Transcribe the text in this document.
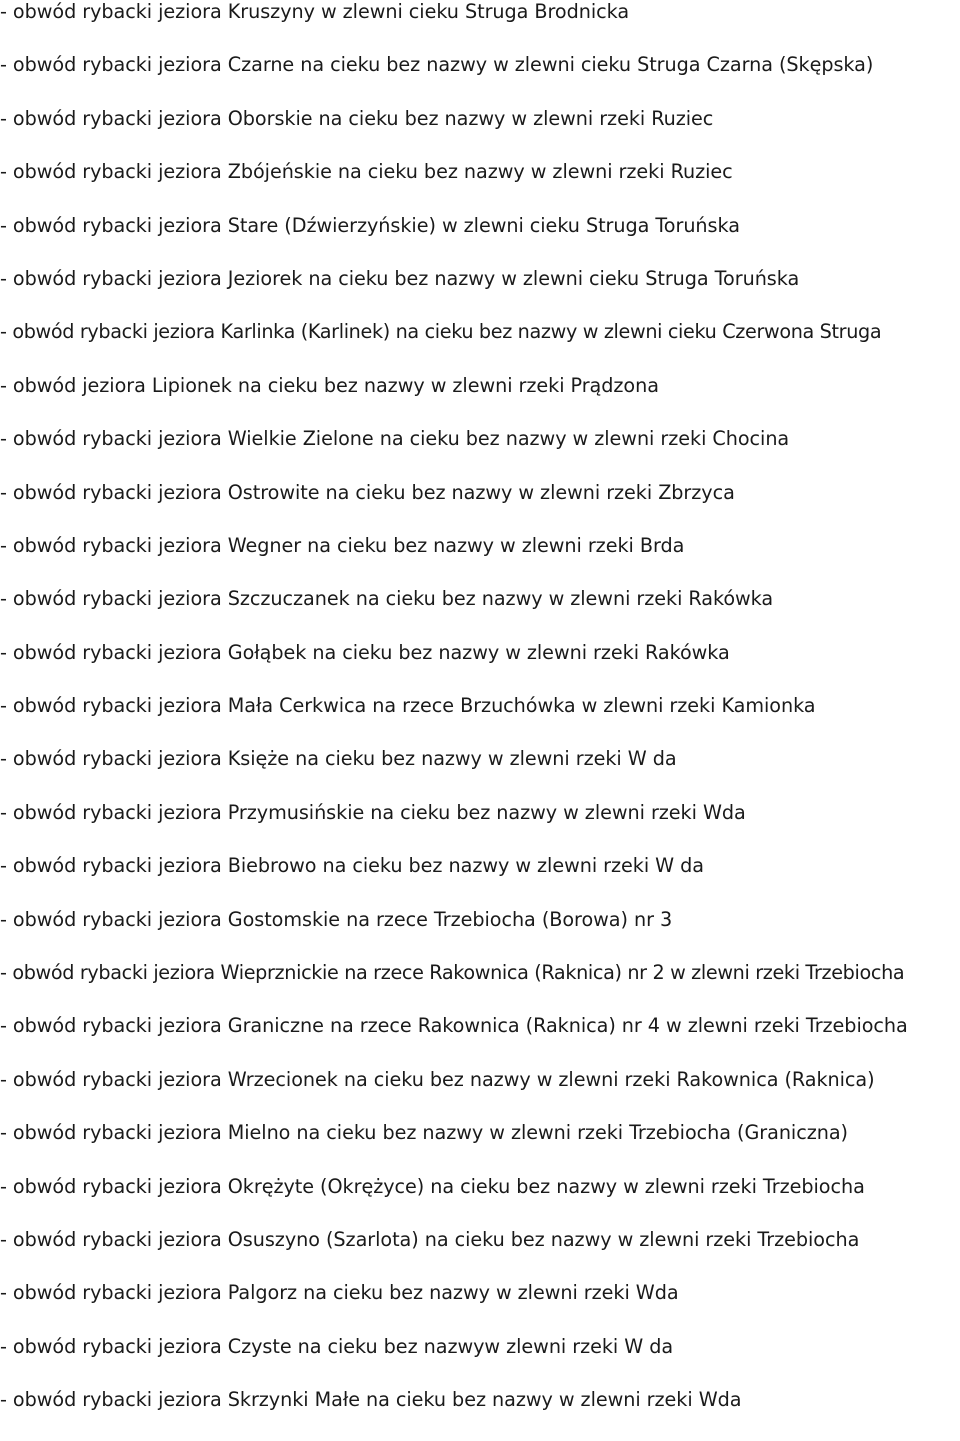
- obwód rybacki jeziora Kruszyny w zlewni cieku Struga Brodnicka
- obwód rybacki jeziora Czarne na cieku bez nazwy w zlewni cieku Struga Czarna (Skępska)
- obwód rybacki jeziora Oborskie na cieku bez nazwy w zlewni rzeki Ruziec
- obwód rybacki jeziora Zbójeńskie na cieku bez nazwy w zlewni rzeki Ruziec
- obwód rybacki jeziora Stare (Dźwierzyńskie) w zlewni cieku Struga Toruńska
- obwód rybacki jeziora Jeziorek na cieku bez nazwy w zlewni cieku Struga Toruńska
- obwód rybacki jeziora Karlinka (Karlinek) na cieku bez nazwy w zlewni cieku Czerwona Struga
- obwód jeziora Lipionek na cieku bez nazwy w zlewni rzeki Prądzona
- obwód rybacki jeziora Wielkie Zielone na cieku bez nazwy w zlewni rzeki Chocina
- obwód rybacki jeziora Ostrowite na cieku bez nazwy w zlewni rzeki Zbrzyca
- obwód rybacki jeziora Wegner na cieku bez nazwy w zlewni rzeki Brda
- obwód rybacki jeziora Szczuczanek na cieku bez nazwy w zlewni rzeki Rakówka
- obwód rybacki jeziora Gołąbek na cieku bez nazwy w zlewni rzeki Rakówka
- obwód rybacki jeziora Mała Cerkwica na rzece Brzuchówka w zlewni rzeki Kamionka
- obwód rybacki jeziora Księże na cieku bez nazwy w zlewni rzeki W da
- obwód rybacki jeziora Przymusińskie na cieku bez nazwy w zlewni rzeki Wda
- obwód rybacki jeziora Biebrowo na cieku bez nazwy w zlewni rzeki W da
- obwód rybacki jeziora Gostomskie na rzece Trzebiocha (Borowa) nr 3
- obwód rybacki jeziora Wieprznickie na rzece Rakownica (Raknica) nr 2 w zlewni rzeki Trzebiocha
- obwód rybacki jeziora Graniczne na rzece Rakownica (Raknica) nr 4 w zlewni rzeki Trzebiocha
- obwód rybacki jeziora Wrzecionek na cieku bez nazwy w zlewni rzeki Rakownica (Raknica)
- obwód rybacki jeziora Mielno na cieku bez nazwy w zlewni rzeki Trzebiocha (Graniczna)
- obwód rybacki jeziora Okrężyte (Okrężyce) na cieku bez nazwy w zlewni rzeki Trzebiocha
- obwód rybacki jeziora Osuszyno (Szarlota) na cieku bez nazwy w zlewni rzeki Trzebiocha
- obwód rybacki jeziora Palgorz na cieku bez nazwy w zlewni rzeki Wda
- obwód rybacki jeziora Czyste na cieku bez nazwyw zlewni rzeki W da
- obwód rybacki jeziora Skrzynki Małe na cieku bez nazwy w zlewni rzeki Wda
